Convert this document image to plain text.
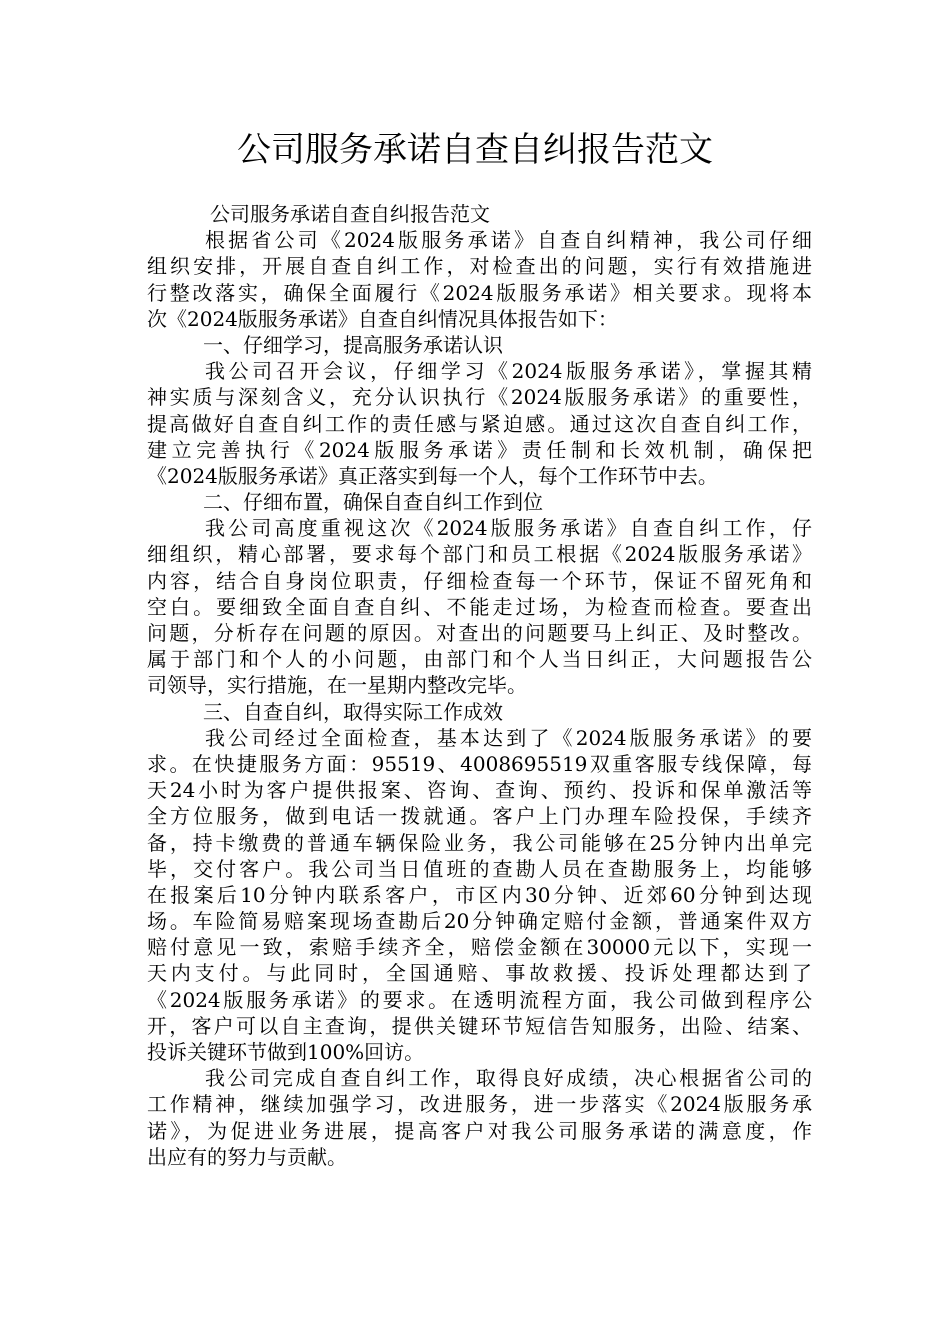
公司服务承诺自查自纠报告范文
公司服务承诺自查自纠报告范文
根据省公司《2024版服务承诺》自查自纠精神，我公司仔细
组织安排，开展自查自纠工作，对检查出的问题，实行有效措施进
行整改落实，确保全面履行《2024版服务承诺》相关要求。现将本
次《2024版服务承诺》自查自纠情况具体报告如下：
一、仔细学习，提高服务承诺认识
我公司召开会议，仔细学习《2024版服务承诺》，掌握其精
神实质与深刻含义，充分认识执行《2024版服务承诺》的重要性，
提高做好自查自纠工作的责任感与紧迫感。通过这次自查自纠工作，
建立完善执行《2024版服务承诺》责任制和长效机制，确保把
《2024版服务承诺》真正落实到每一个人，每个工作环节中去。
二、仔细布置，确保自查自纠工作到位
我公司高度重视这次《2024版服务承诺》自查自纠工作，仔
细组织，精心部署，要求每个部门和员工根据《2024版服务承诺》
内容，结合自身岗位职责，仔细检查每一个环节，保证不留死角和
空白。要细致全面自查自纠、不能走过场，为检查而检查。要查出
问题，分析存在问题的原因。对查出的问题要马上纠正、及时整改。
属于部门和个人的小问题，由部门和个人当日纠正，大问题报告公
司领导，实行措施，在一星期内整改完毕。
三、自查自纠，取得实际工作成效
我公司经过全面检查，基本达到了《2024版服务承诺》的要
求。在快捷服务方面：95519、4008695519双重客服专线保障，每
天24小时为客户提供报案、咨询、查询、预约、投诉和保单激活等
全方位服务，做到电话一拨就通。客户上门办理车险投保，手续齐
备，持卡缴费的普通车辆保险业务，我公司能够在25分钟内出单完
毕，交付客户。我公司当日值班的查勘人员在查勘服务上，均能够
在报案后10分钟内联系客户，市区内30分钟、近郊60分钟到达现
场。车险简易赔案现场查勘后20分钟确定赔付金额，普通案件双方
赔付意见一致，索赔手续齐全，赔偿金额在30000元以下，实现一
天内支付。与此同时，全国通赔、事故救援、投诉处理都达到了
《2024版服务承诺》的要求。在透明流程方面，我公司做到程序公
开，客户可以自主查询，提供关键环节短信告知服务，出险、结案、
投诉关键环节做到100%回访。
我公司完成自查自纠工作，取得良好成绩，决心根据省公司的
工作精神，继续加强学习，改进服务，进一步落实《2024版服务承
诺》，为促进业务进展，提高客户对我公司服务承诺的满意度，作
出应有的努力与贡献。
